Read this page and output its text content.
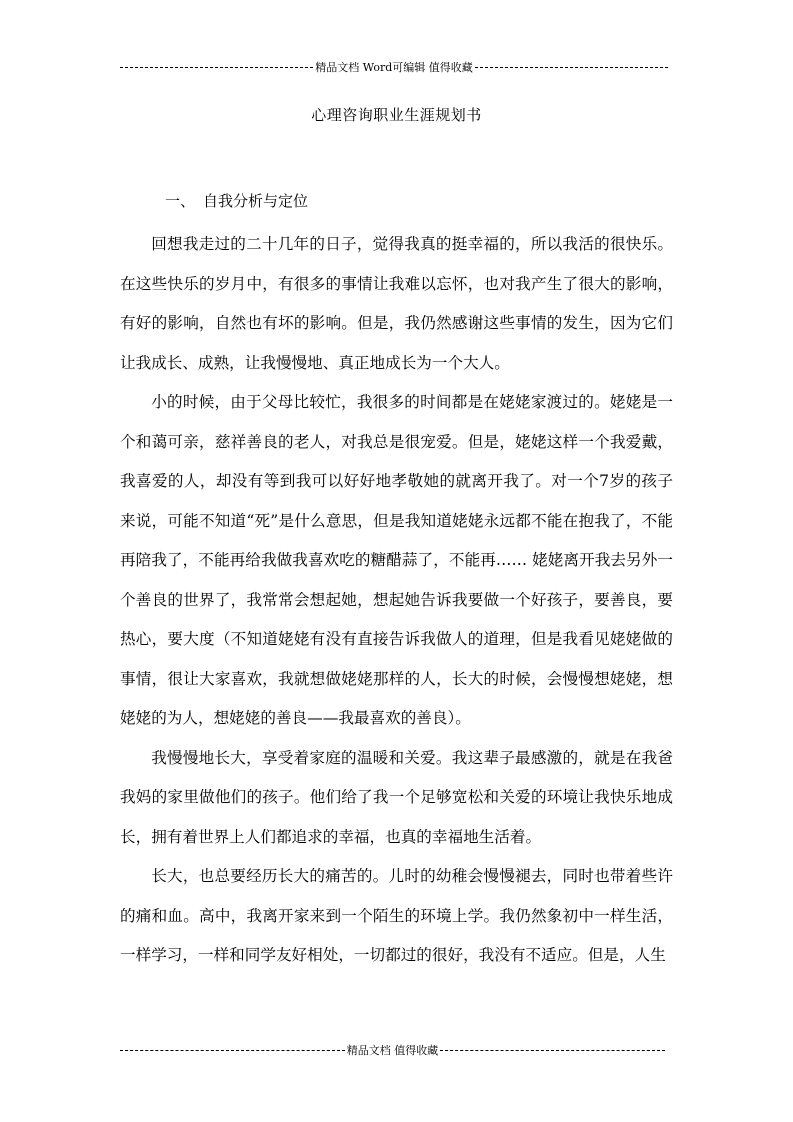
精品文档 Word可编辑 值得收藏
心理咨询职业生涯规划书
一、 自我分析与定位

回想我走过的二十几年的日子，觉得我真的挺幸福的，所以我活的很快乐。在这些快乐的岁月中，有很多的事情让我难以忘怀，也对我产生了很大的影响，有好的影响，自然也有坏的影响。但是，我仍然感谢这些事情的发生，因为它们让我成长、成熟，让我慢慢地、真正地成长为一个大人。

小的时候，由于父母比较忙，我很多的时间都是在姥姥家渡过的。姥姥是一个和蔼可亲，慈祥善良的老人，对我总是很宠爱。但是，姥姥这样一个我爱戴，我喜爱的人，却没有等到我可以好好地孝敬她的就离开我了。对一个7岁的孩子来说，可能不知道“死”是什么意思，但是我知道姥姥永远都不能在抱我了，不能再陪我了，不能再给我做我喜欢吃的糖醋蒜了，不能再…… 姥姥离开我去另外一个善良的世界了，我常常会想起她，想起她告诉我要做一个好孩子，要善良，要热心，要大度（不知道姥姥有没有直接告诉我做人的道理，但是我看见姥姥做的事情，很让大家喜欢，我就想做姥姥那样的人，长大的时候，会慢慢想姥姥，想姥姥的为人，想姥姥的善良——我最喜欢的善良）。

我慢慢地长大，享受着家庭的温暖和关爱。我这辈子最感激的，就是在我爸我妈的家里做他们的孩子。他们给了我一个足够宽松和关爱的环境让我快乐地成长，拥有着世界上人们都追求的幸福，也真的幸福地生活着。

长大，也总要经历长大的痛苦的。儿时的幼稚会慢慢褪去，同时也带着些许的痛和血。高中，我离开家来到一个陌生的环境上学。我仍然象初中一样生活，一样学习，一样和同学友好相处，一切都过的很好，我没有不适应。但是，人生

精品文档 值得收藏
